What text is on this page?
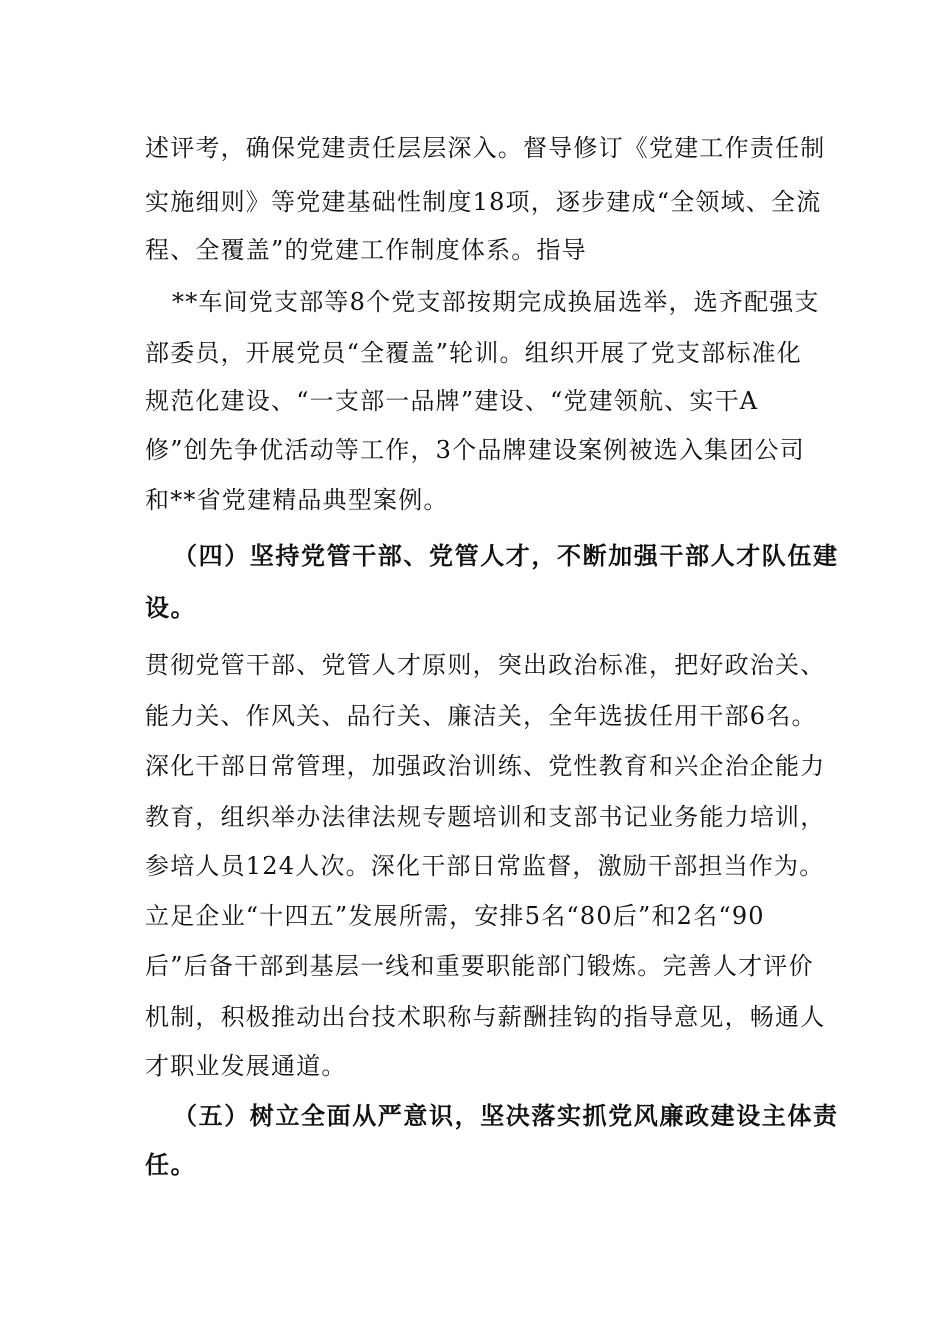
述评考，确保党建责任层层深入。督导修订《党建工作责任制

实施细则》等党建基础性制度18项，逐步建成“全领域、全流

程、全覆盖”的党建工作制度体系。指导

**车间党支部等8个党支部按期完成换届选举，选齐配强支

部委员，开展党员“全覆盖”轮训。组织开展了党支部标准化

规范化建设、“一支部一品牌”建设、“党建领航、实干A

修”创先争优活动等工作，3个品牌建设案例被选入集团公司

和**省党建精品典型案例。

（四）坚持党管干部、党管人才，不断加强干部人才队伍建

设。

贯彻党管干部、党管人才原则，突出政治标准，把好政治关、

能力关、作风关、品行关、廉洁关，全年选拔任用干部6名。

深化干部日常管理，加强政治训练、党性教育和兴企治企能力

教育，组织举办法律法规专题培训和支部书记业务能力培训，

参培人员124人次。深化干部日常监督，激励干部担当作为。

立足企业“十四五”发展所需，安排5名“80后”和2名“90

后”后备干部到基层一线和重要职能部门锻炼。完善人才评价

机制，积极推动出台技术职称与薪酬挂钩的指导意见，畅通人

才职业发展通道。

（五）树立全面从严意识，坚决落实抓党风廉政建设主体责

任。
